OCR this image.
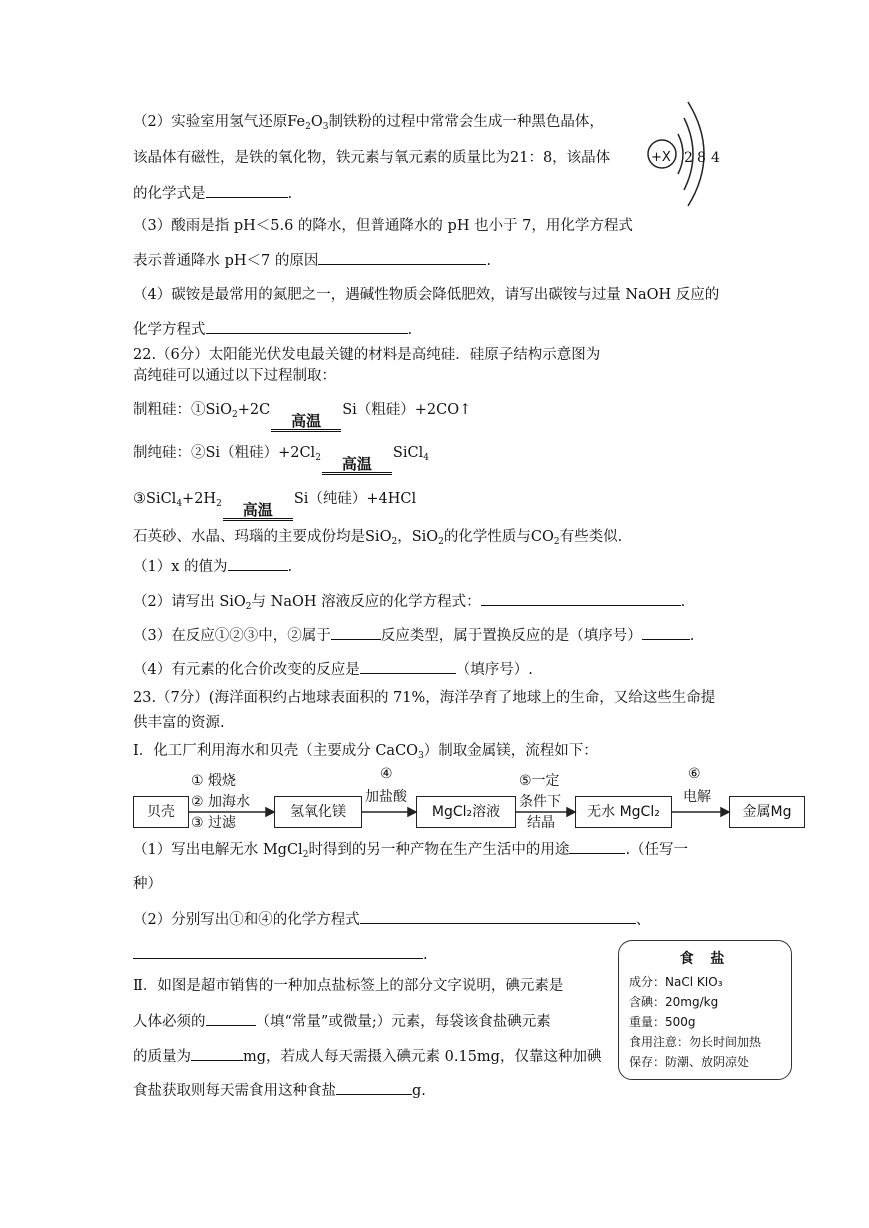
（2）实验室用氢气还原$Fe_2O_3$制铁粉的过程中常常会生成一种黑色晶体，
该晶体有磁性，是铁的氧化物，铁元素与氧元素的质量比为21：8，该晶体
的化学式是	.
+X 2 8 4
（3）酸雨是指 pH＜5.6 的降水，但普通降水的 pH 也小于 7，用化学方程式
表示普通降水 pH＜7 的原因	.
（4）碳铵是最常用的氮肥之一，遇碱性物质会降低肥效，请写出碳铵与过量 NaOH 反应的
化学方程式	.
22.（6分）太阳能光伏发电最关键的材料是高纯硅．硅原子结构示意图为
高纯硅可以通过以下过程制取：
制粗硅：①SiO$_2$+2C
高温
Si（粗硅）+2CO↑
制纯硅：②Si（粗硅）$+2Cl_2$	高温
SiCl$_4$
$③SiCl_4+2H_2$	高温
Si（纯硅）+4HCl
石英砂、水晶、玛瑙的主要成份均是SiO$_2$，SiO$_2$的化学性质与$CO_2$有些类似.
（1）x 的值为	.
（2）请写出 SiO$_2$与 NaOH 溶液反应的化学方程式：	.
（3）在反应①②③中，②属于	反应类型，属于置换反应的是（填序号）	.
（4）有元素的化合价改变的反应是	（填序号）.
23.（7分）(海洋面积约占地球表面积的 71%，海洋孕育了地球上的生命，又给这些生命提
供丰富的资源.
Ⅰ．化工厂利用海水和贝壳（主要成分 CaCO$_3$）制取金属镁，流程如下：
贝壳	氢氧化镁	MgCl₂溶液	无水 MgCl₂	金属Mg
① 煅烧
② 加海水
③ 过滤
④
加盐酸
⑤一定
条件下
结晶
⑥
电解
（1）写出电解无水 MgCl$_2$时得到的另一种产物在生产生活中的用途	.（任写一
种）
（2）分别写出①和④的化学方程式	、
.
Ⅱ．如图是超市销售的一种加点盐标签上的部分文字说明，碘元素是
人体必须的	（填“常量”或微量;）元素，每袋该食盐碘元素
的质量为	mg，若成人每天需摄入碘元素 0.15mg，仅靠这种加碘
食盐获取则每天需食用这种食盐	g.
食 盐
成分：NaCl KIO₃
含碘：20mg/kg
重量：500g
食用注意：勿长时间加热
保存：防潮、放阴凉处
